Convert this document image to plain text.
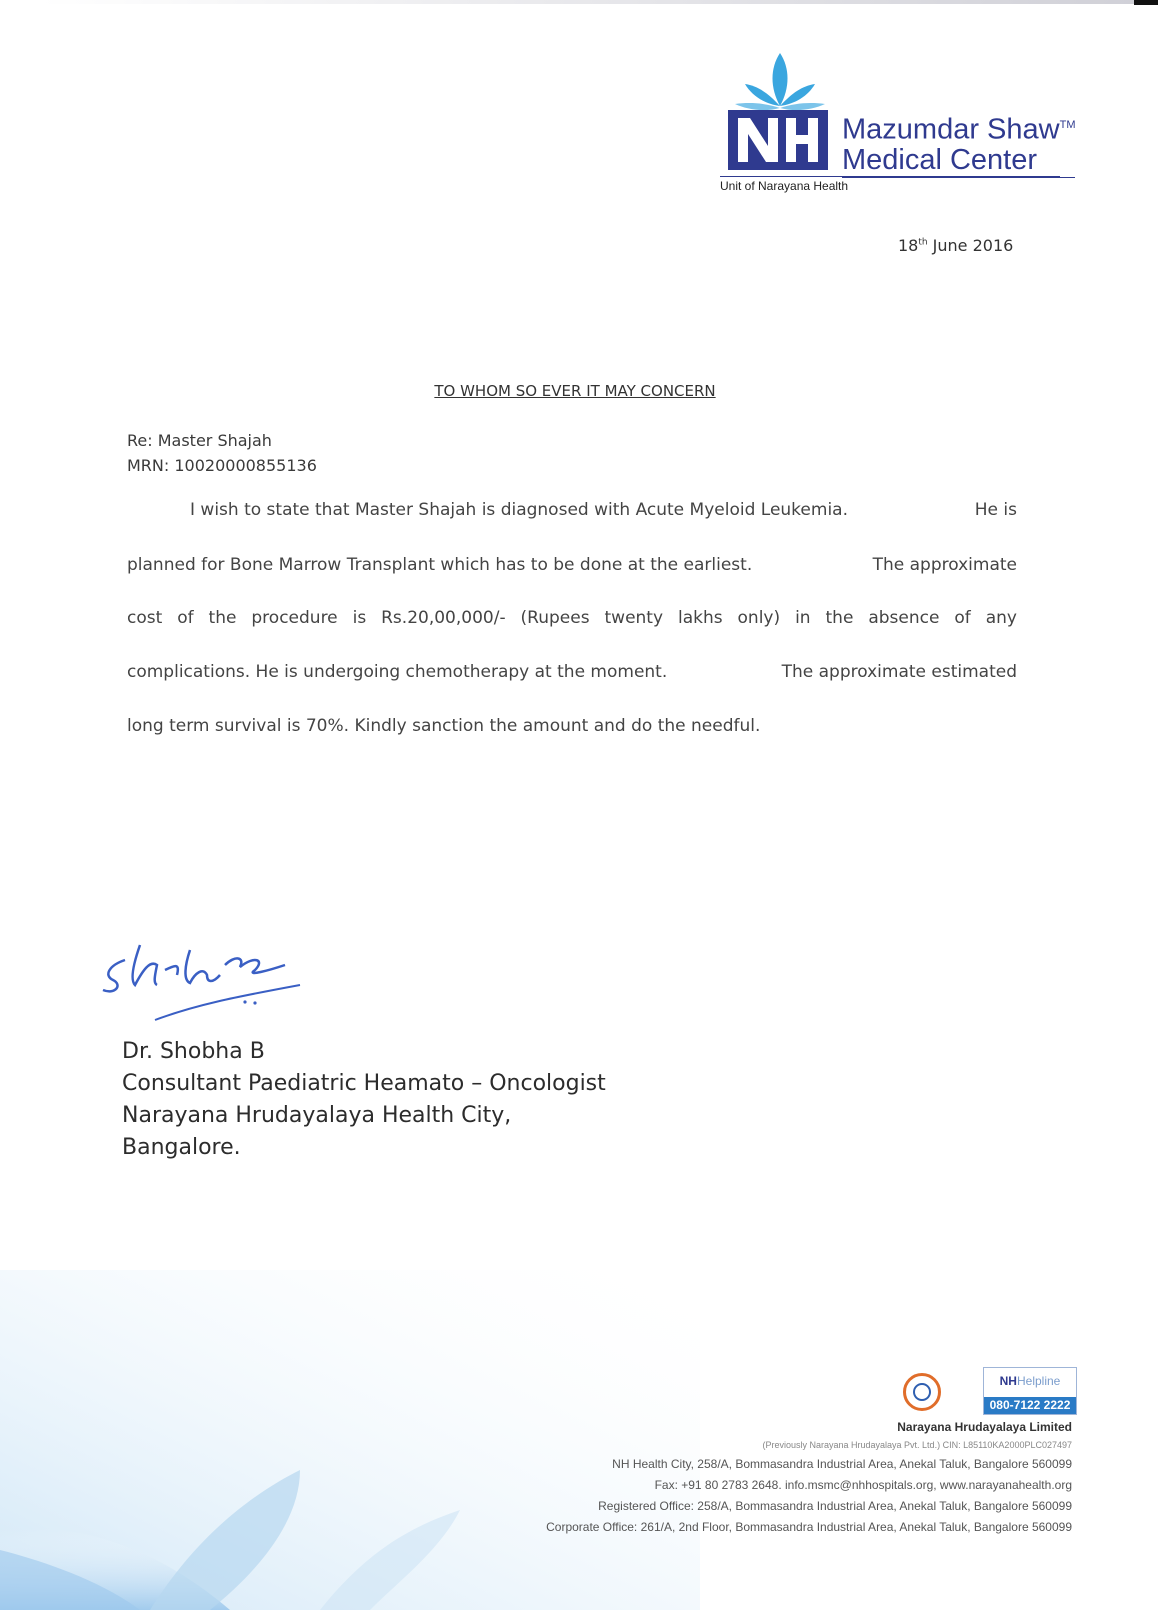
Mazumdar Shaw™
Medical Center
Unit of Narayana Health
18th June 2016
TO WHOM SO EVER IT MAY CONCERN
Re: Master Shajah
MRN: 10020000855136
I wish to state that Master Shajah is diagnosed with Acute Myeloid Leukemia.	He is
planned for Bone Marrow Transplant which has to be done at the earliest.	The approximate
cost of the procedure is Rs.20,00,000/- (Rupees twenty lakhs only) in the absence of any
complications. He is undergoing chemotherapy at the moment.	The approximate estimated
long term survival is 70%. Kindly sanction the amount and do the needful.
Dr. Shobha B
Consultant Paediatric Heamato – Oncologist
Narayana Hrudayalaya Health City,
Bangalore.
NHHelpline
080-7122 2222
Narayana Hrudayalaya Limited
(Previously Narayana Hrudayalaya Pvt. Ltd.) CIN: L85110KA2000PLC027497
NH Health City, 258/A, Bommasandra Industrial Area, Anekal Taluk, Bangalore 560099
Fax: +91 80 2783 2648. info.msmc@nhhospitals.org, www.narayanahealth.org
Registered Office: 258/A, Bommasandra Industrial Area, Anekal Taluk, Bangalore 560099
Corporate Office: 261/A, 2nd Floor, Bommasandra Industrial Area, Anekal Taluk, Bangalore 560099
